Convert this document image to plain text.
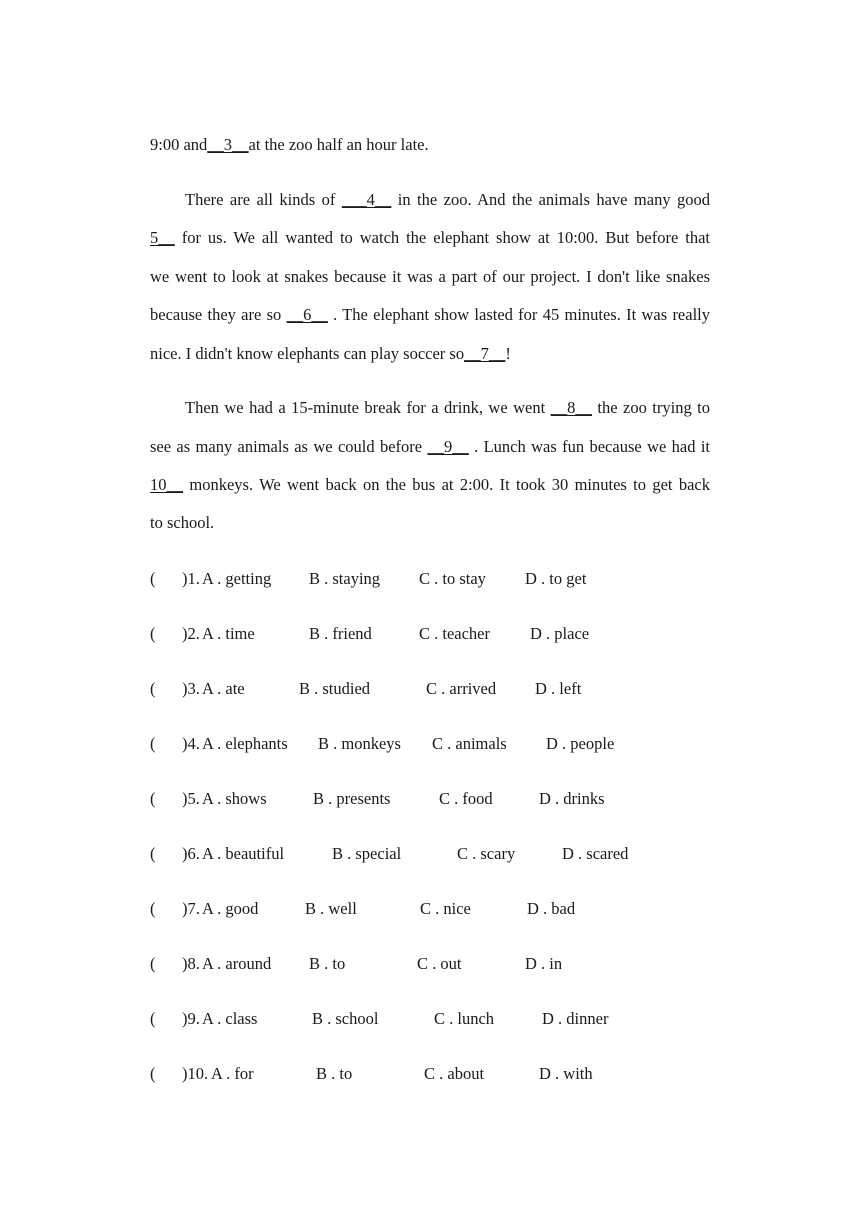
9:00 and__3__at the zoo half an hour late.
There are all kinds of ___4__ in the zoo. And the animals have many good
5__ for us. We all wanted to watch the elephant show at 10:00. But before that
we went to look at snakes because it was a part of our project. I don't like snakes
because they are so __6__ . The elephant show lasted for 45 minutes. It was really
nice. I didn't know elephants can play soccer so__7__!
Then we had a 15-minute break for a drink, we went __8__ the zoo trying to
see as many animals as we could before __9__ . Lunch was fun because we had it
10__ monkeys. We went back on the bus at 2:00. It took 30 minutes to get back
to school.
( )1. A . getting B . staying C . to stay D . to get
( )2. A . time	B . friend	C . teacher D . place
( )3. A . ate	B . studied	C . arrived D . left
( )4. A . elephants B . monkeys C . animals D . people
( )5. A . shows	B . presents	C . food	D . drinks
( )6. A . beautiful	B . special	C . scary	D . scared
( )7. A . good	B . well	C . nice	D . bad
( )8. A . around B . to	C . out	D . in
( )9. A . class	B . school	C . lunch	D . dinner
( )10. A . for	B . to	C . about	D . with
